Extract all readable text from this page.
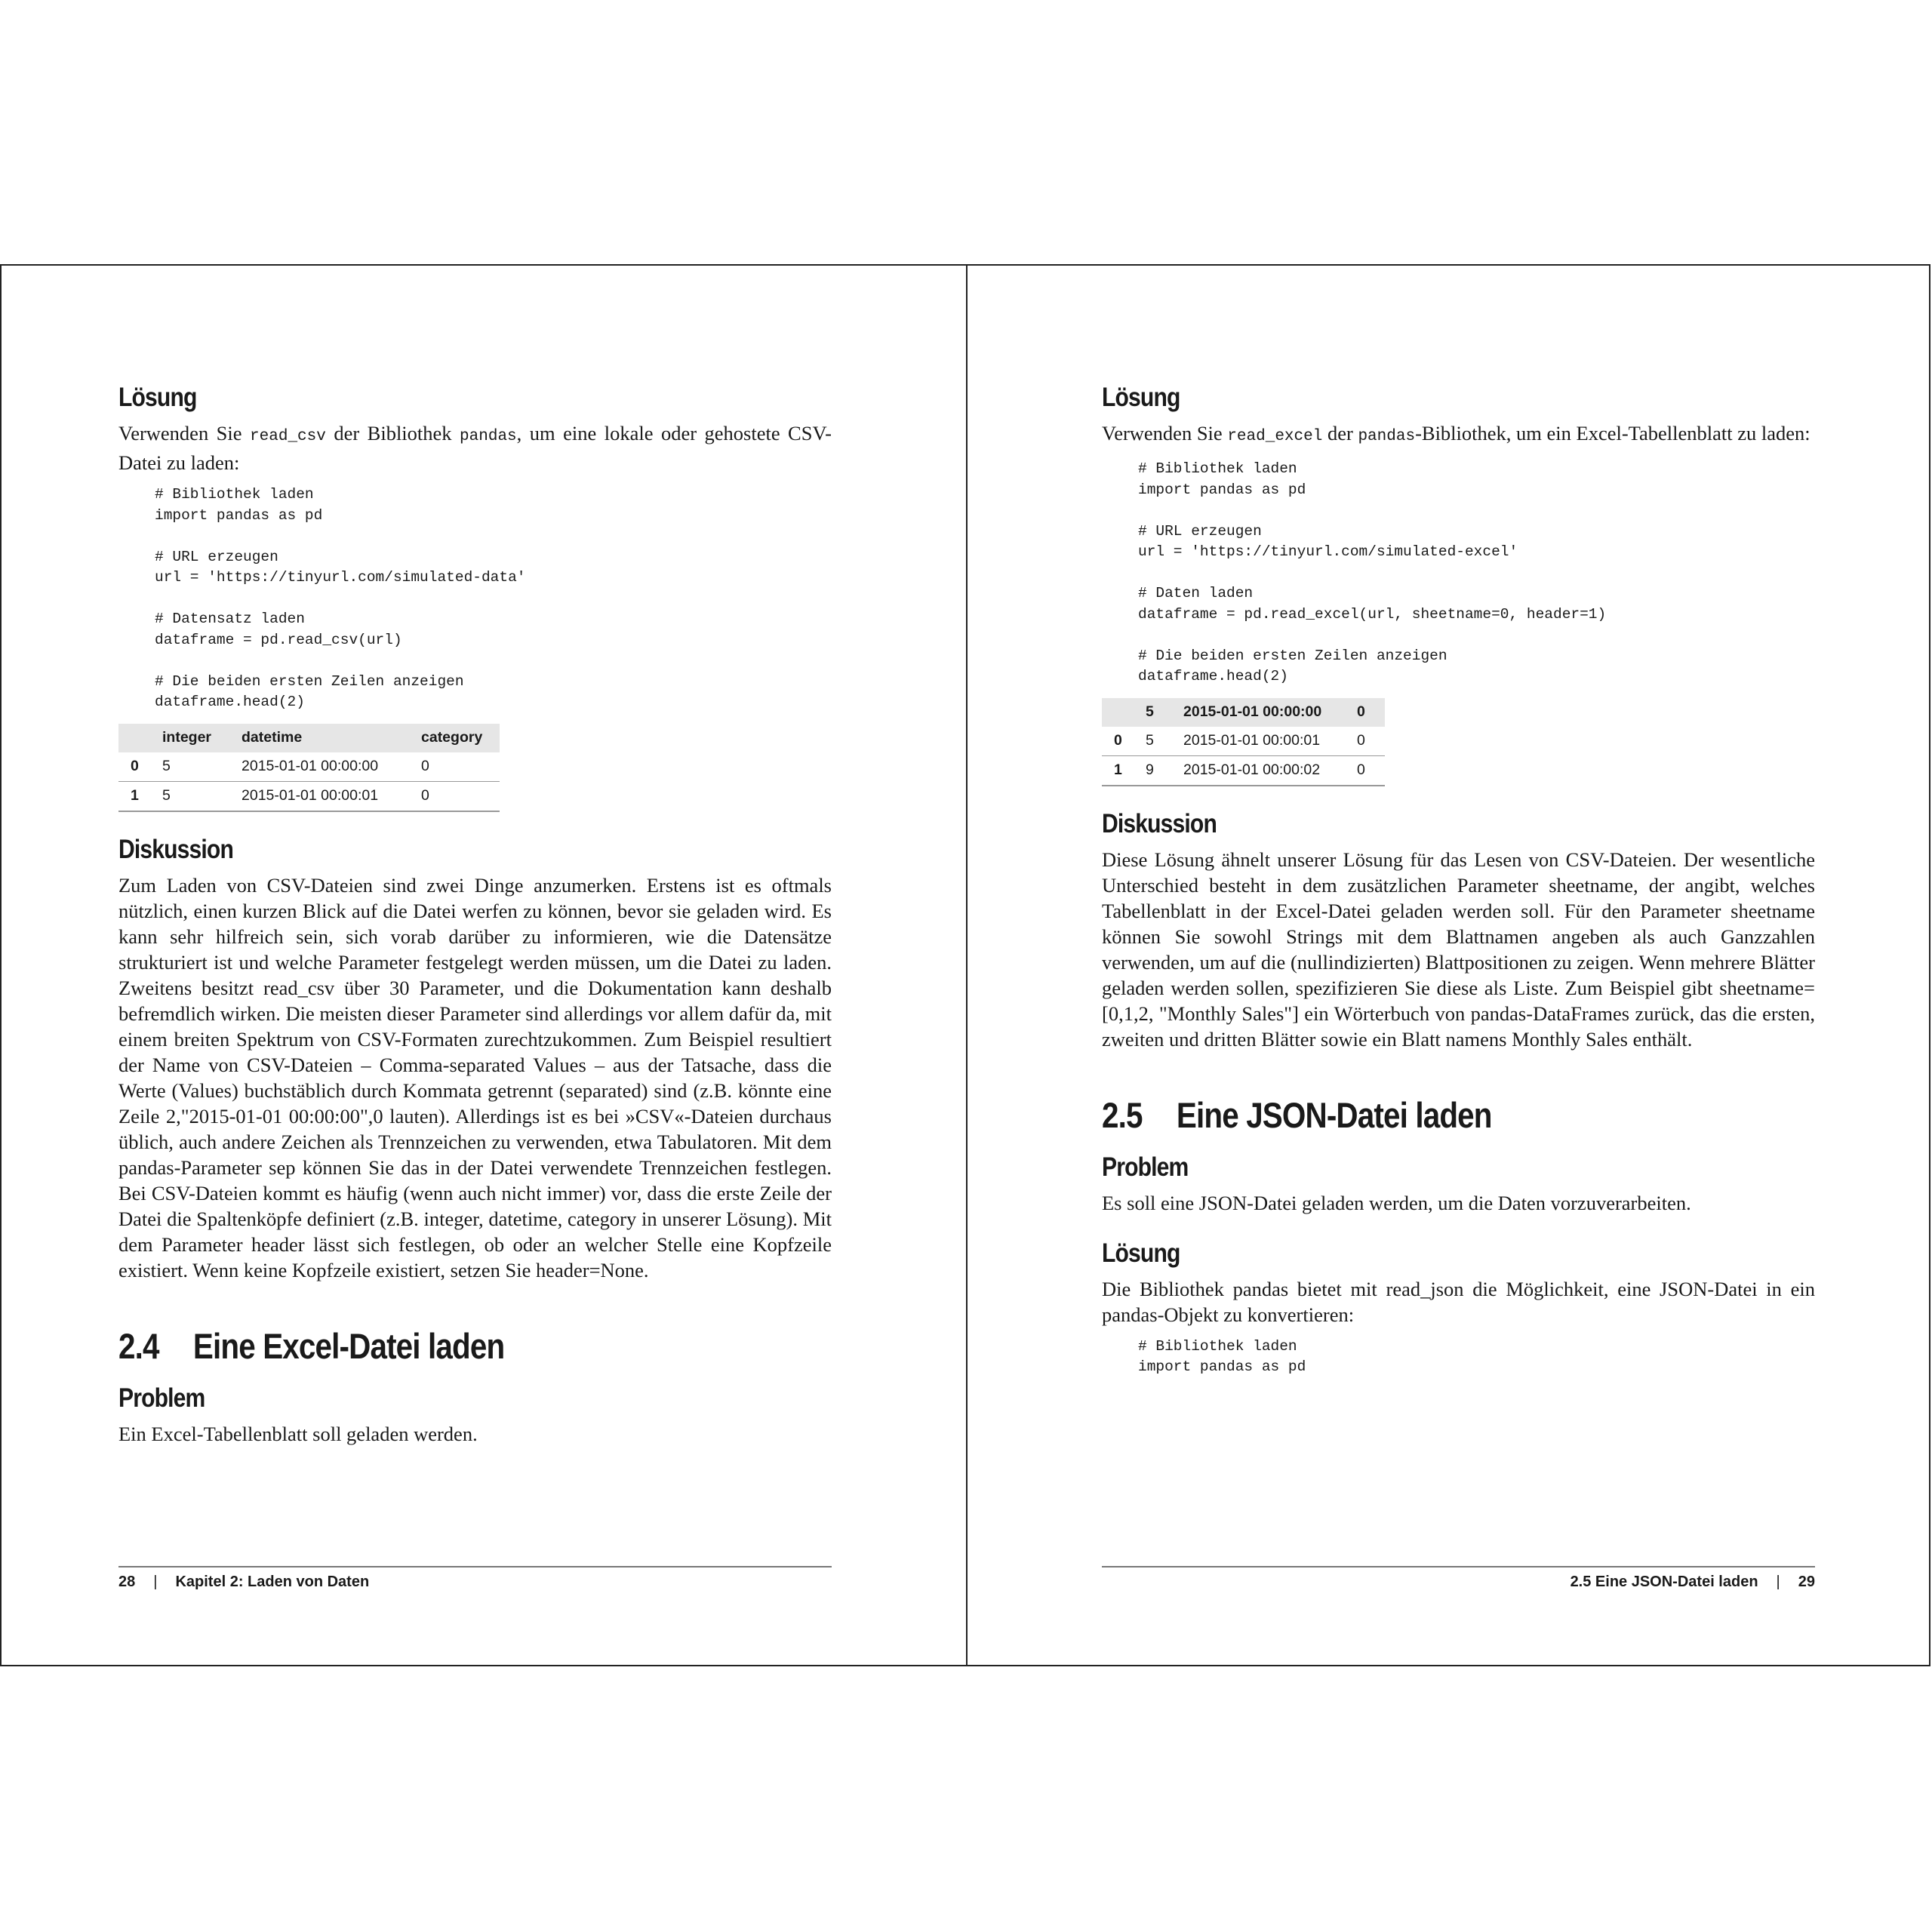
Lösung

Verwenden Sie read_csv der Bibliothek pandas, um eine lokale oder gehostete CSV-Datei zu laden:

# Bibliothek laden
import pandas as pd

# URL erzeugen
url = 'https://tinyurl.com/simulated-data'

# Datensatz laden
dataframe = pd.read_csv(url)

# Die beiden ersten Zeilen anzeigen
dataframe.head(2)
	integer	datetime	category
0	5	2015-01-01 00:00:00	0
1	5	2015-01-01 00:00:01	0
Diskussion

Zum Laden von CSV-Dateien sind zwei Dinge anzumerken. Erstens ist es oftmals nützlich, einen kurzen Blick auf die Datei werfen zu können, bevor sie geladen wird. Es kann sehr hilfreich sein, sich vorab darüber zu informieren, wie die Datensätze strukturiert ist und welche Parameter festgelegt werden müssen, um die Datei zu laden. Zweitens besitzt read_csv über 30 Parameter, und die Dokumentation kann deshalb befremdlich wirken. Die meisten dieser Parameter sind allerdings vor allem dafür da, mit einem breiten Spektrum von CSV-Formaten zurechtzukommen. Zum Beispiel resultiert der Name von CSV-Dateien – Comma-separated Values – aus der Tatsache, dass die Werte (Values) buchstäblich durch Kommata getrennt (separated) sind (z.B. könnte eine Zeile 2,"2015-01-01 00:00:00",0 lauten). Allerdings ist es bei »CSV«-Dateien durchaus üblich, auch andere Zeichen als Trennzeichen zu verwenden, etwa Tabulatoren. Mit dem pandas-Parameter sep können Sie das in der Datei verwendete Trennzeichen festlegen. Bei CSV-Dateien kommt es häufig (wenn auch nicht immer) vor, dass die erste Zeile der Datei die Spaltenköpfe definiert (z.B. integer, datetime, category in unserer Lösung). Mit dem Parameter header lässt sich festlegen, ob oder an welcher Stelle eine Kopfzeile existiert. Wenn keine Kopfzeile existiert, setzen Sie header=None.

2.4 Eine Excel-Datei laden
Problem

Ein Excel-Tabellenblatt soll geladen werden.

28 | Kapitel 2: Laden von Daten
Lösung

Verwenden Sie read_excel der pandas-Bibliothek, um ein Excel-Tabellenblatt zu laden:

# Bibliothek laden
import pandas as pd

# URL erzeugen
url = 'https://tinyurl.com/simulated-excel'

# Daten laden
dataframe = pd.read_excel(url, sheetname=0, header=1)

# Die beiden ersten Zeilen anzeigen
dataframe.head(2)
	5	2015-01-01 00:00:00	0
0	5	2015-01-01 00:00:01	0
1	9	2015-01-01 00:00:02	0
Diskussion

Diese Lösung ähnelt unserer Lösung für das Lesen von CSV-Dateien. Der wesentliche Unterschied besteht in dem zusätzlichen Parameter sheetname, der angibt, welches Tabellenblatt in der Excel-Datei geladen werden soll. Für den Parameter sheetname können Sie sowohl Strings mit dem Blattnamen angeben als auch Ganzzahlen verwenden, um auf die (nullindizierten) Blattpositionen zu zeigen. Wenn mehrere Blätter geladen werden sollen, spezifizieren Sie diese als Liste. Zum Beispiel gibt sheetname=[0,1,2, "Monthly Sales"] ein Wörterbuch von pandas-DataFrames zurück, das die ersten, zweiten und dritten Blätter sowie ein Blatt namens Monthly Sales enthält.

2.5 Eine JSON-Datei laden
Problem

Es soll eine JSON-Datei geladen werden, um die Daten vorzuverarbeiten.

Lösung

Die Bibliothek pandas bietet mit read_json die Möglichkeit, eine JSON-Datei in ein pandas-Objekt zu konvertieren:

# Bibliothek laden
import pandas as pd
2.5 Eine JSON-Datei laden | 29
